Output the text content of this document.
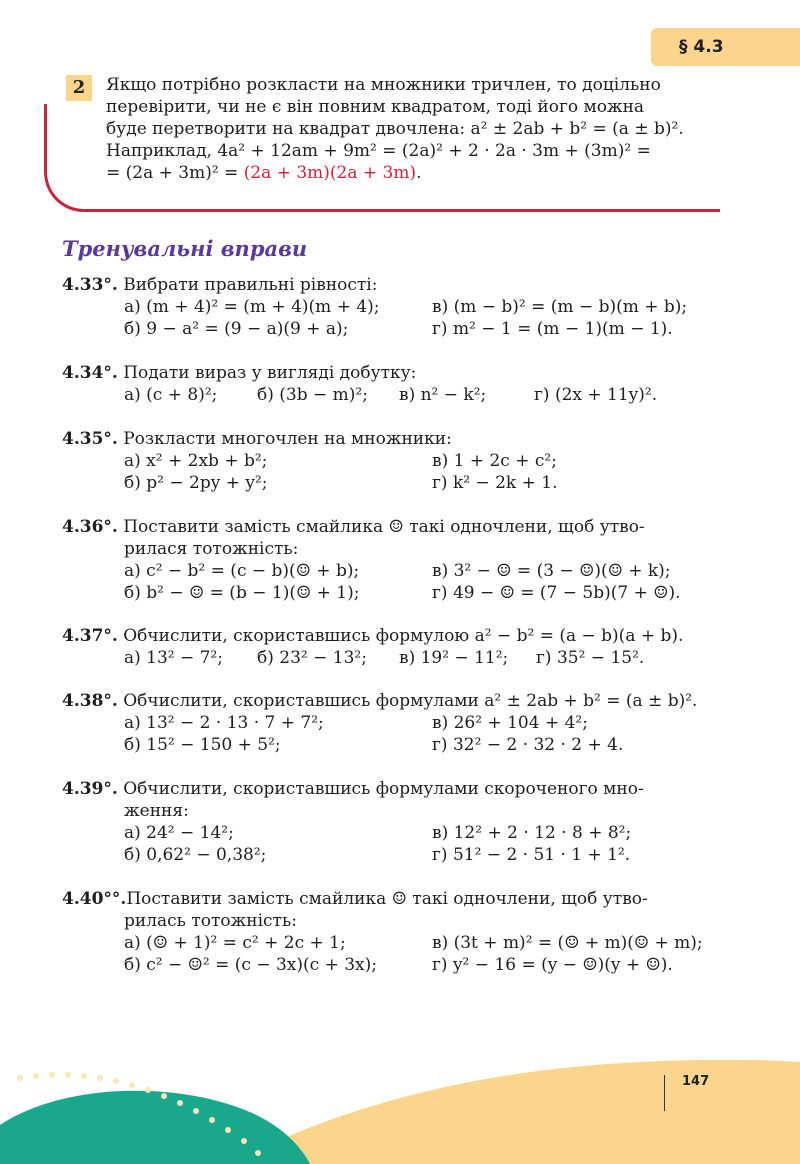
§ 4.3
2	Якщо потрібно розкласти на множники тричлен, то доцільно
перевірити, чи не є він повним квадратом, тоді його можна
буде перетворити на квадрат двочлена: a² ± 2ab + b² = (a ± b)².
Наприклад, 4a² + 12am + 9m² = (2a)² + 2 · 2a · 3m + (3m)² =
= (2a + 3m)² = (2a + 3m)(2a + 3m).
Тренувальні вправи
4.33°. Вибрати правильні рівності:
а) (m + 4)² = (m + 4)(m + 4);	в) (m − b)² = (m − b)(m + b);
б) 9 − a² = (9 − a)(9 + a);	г) m² − 1 = (m − 1)(m − 1).
4.34°. Подати вираз у вигляді добутку:
а) (c + 8)²; б) (3b − m)²; в) n² − k²;	г) (2x + 11y)².
4.35°. Розкласти многочлен на множники:
а) x² + 2xb + b²;	в) 1 + 2c + c²;
б) p² − 2py + y²;	г) k² − 2k + 1.
4.36°. Поставити замість смайлика ☺ такі одночлени, щоб утво-
рилася тотожність:
а) c² − b² = (c − b)(☺ + b);	в) 3² − ☺ = (3 − ☺)(☺ + k);
б) b² − ☺ = (b − 1)(☺ + 1);	г) 49 − ☺ = (7 − 5b)(7 + ☺).
4.37°. Обчислити, скориставшись формулою a² − b² = (a − b)(a + b).
а) 13² − 7²; б) 23² − 13²; в) 19² − 11²; г) 35² − 15².
4.38°. Обчислити, скориставшись формулами a² ± 2ab + b² = (a ± b)².
а) 13² − 2 · 13 · 7 + 7²;	в) 26² + 104 + 4²;
б) 15² − 150 + 5²;	г) 32² − 2 · 32 · 2 + 4.
4.39°. Обчислити, скориставшись формулами скороченого мно-
ження:
а) 24² − 14²;	в) 12² + 2 · 12 · 8 + 8²;
б) 0,62² − 0,38²;	г) 51² − 2 · 51 · 1 + 1².
4.40°°.Поставити замість смайлика ☺ такі одночлени, щоб утво-
рилась тотожність:
а) (☺ + 1)² = c² + 2c + 1;	в) (3t + m)² = (☺ + m)(☺ + m);
б) c² − ☺² = (c − 3x)(c + 3x);	г) y² − 16 = (y − ☺)(y + ☺).
147
